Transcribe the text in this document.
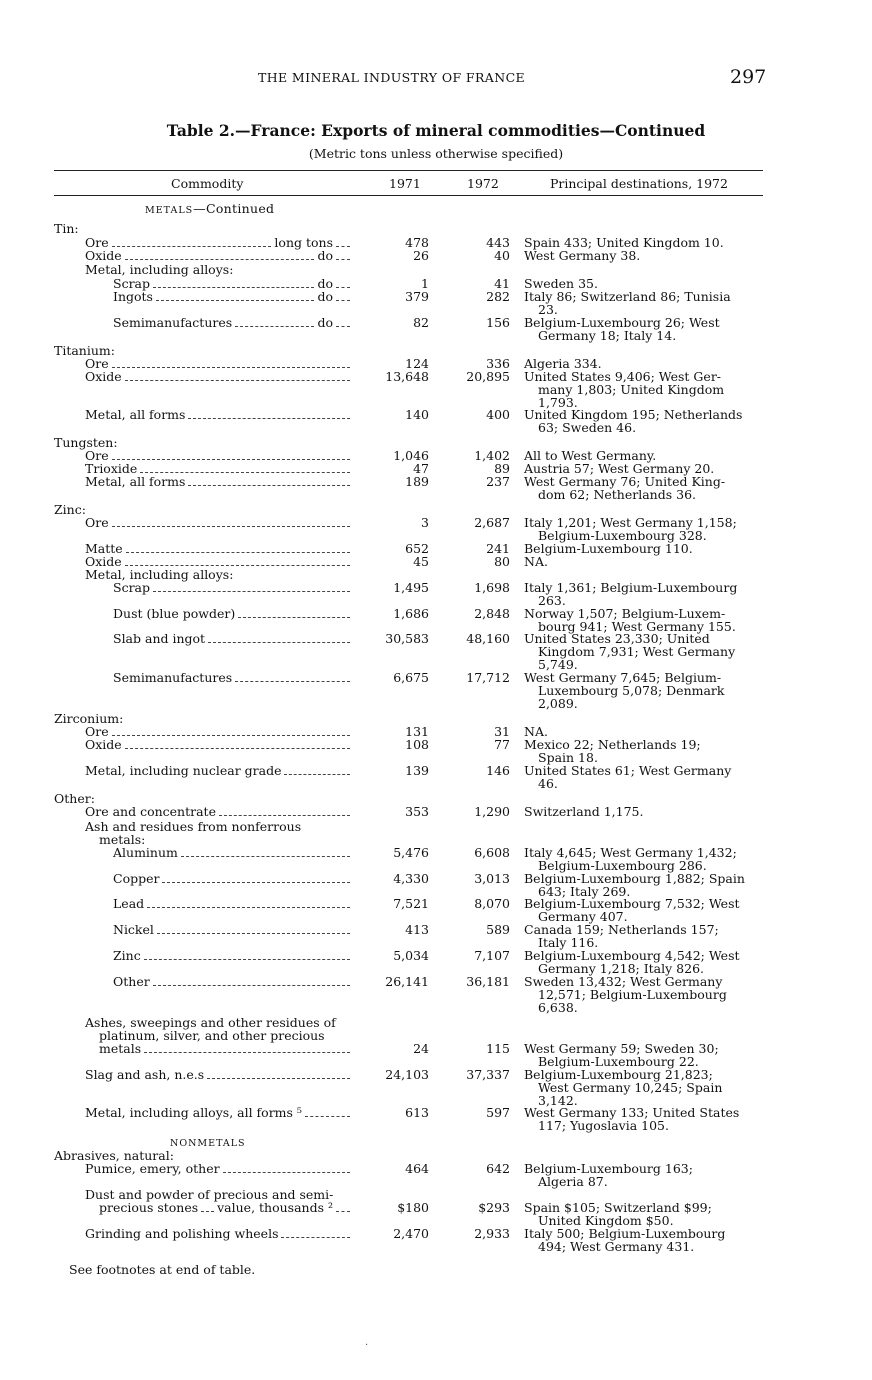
THE MINERAL INDUSTRY OF FRANCE	297
Table 2.—France: Exports of mineral commodities—Continued
(Metric tons unless otherwise specified)
Commodity	1971	1972	Principal destinations, 1972
METALS—Continued
Tin:
Ore	long tons	478	443 Spain 433; United Kingdom 10.
Oxide	do	26	40 West Germany 38.
Metal, including alloys:
Scrap	do	1	41 Sweden 35.
Ingots	do	379	282 Italy 86; Switzerland 86; Tunisia
23.
Semimanufactures	do	82	156 Belgium-Luxembourg 26; West
Germany 18; Italy 14.
Titanium:
Ore	124	336 Algeria 334.
Oxide	13,648	20,895 United States 9,406; West Ger-
many 1,803; United Kingdom
1,793.
Metal, all forms	140	400 United Kingdom 195; Netherlands
63; Sweden 46.
Tungsten:
Ore	1,046	1,402 All to West Germany.
Trioxide	47	89 Austria 57; West Germany 20.
Metal, all forms	189	237 West Germany 76; United King-
dom 62; Netherlands 36.
Zinc:
Ore	3	2,687 Italy 1,201; West Germany 1,158;
Belgium-Luxembourg 328.
Matte	652	241 Belgium-Luxembourg 110.
Oxide	45	80 NA.
Metal, including alloys:
Scrap	1,495	1,698 Italy 1,361; Belgium-Luxembourg
263.
Dust (blue powder)	1,686	2,848 Norway 1,507; Belgium-Luxem-
bourg 941; West Germany 155.
Slab and ingot	30,583	48,160 United States 23,330; United
Kingdom 7,931; West Germany
5,749.
Semimanufactures	6,675	17,712 West Germany 7,645; Belgium-
Luxembourg 5,078; Denmark
2,089.
Zirconium:
Ore	131	31 NA.
Oxide	108	77 Mexico 22; Netherlands 19;
Spain 18.
Metal, including nuclear grade	139	146 United States 61; West Germany
46.
Other:
Ore and concentrate	353	1,290 Switzerland 1,175.
Ash and residues from nonferrous
metals:
Aluminum	5,476	6,608 Italy 4,645; West Germany 1,432;
Belgium-Luxembourg 286.
Copper	4,330	3,013 Belgium-Luxembourg 1,882; Spain
643; Italy 269.
Lead	7,521	8,070 Belgium-Luxembourg 7,532; West
Germany 407.
Nickel	413	589 Canada 159; Netherlands 157;
Italy 116.
Zinc	5,034	7,107 Belgium-Luxembourg 4,542; West
Germany 1,218; Italy 826.
Other	26,141	36,181 Sweden 13,432; West Germany
12,571; Belgium-Luxembourg
6,638.
Ashes, sweepings and other residues of
platinum, silver, and other precious
metals	24	115 West Germany 59; Sweden 30;
Belgium-Luxembourg 22.
Slag and ash, n.e.s	24,103	37,337 Belgium-Luxembourg 21,823;
West Germany 10,245; Spain
3,142.
Metal, including alloys, all forms ⁵	613	597 West Germany 133; United States
117; Yugoslavia 105.
NONMETALS
Abrasives, natural:
Pumice, emery, other	464	642 Belgium-Luxembourg 163;
Algeria 87.
Dust and powder of precious and semi-
precious stones value, thousands ²	$180	$293 Spain $105; Switzerland $99;
United Kingdom $50.
Grinding and polishing wheels	2,470	2,933 Italy 500; Belgium-Luxembourg
494; West Germany 431.
See footnotes at end of table.
·
